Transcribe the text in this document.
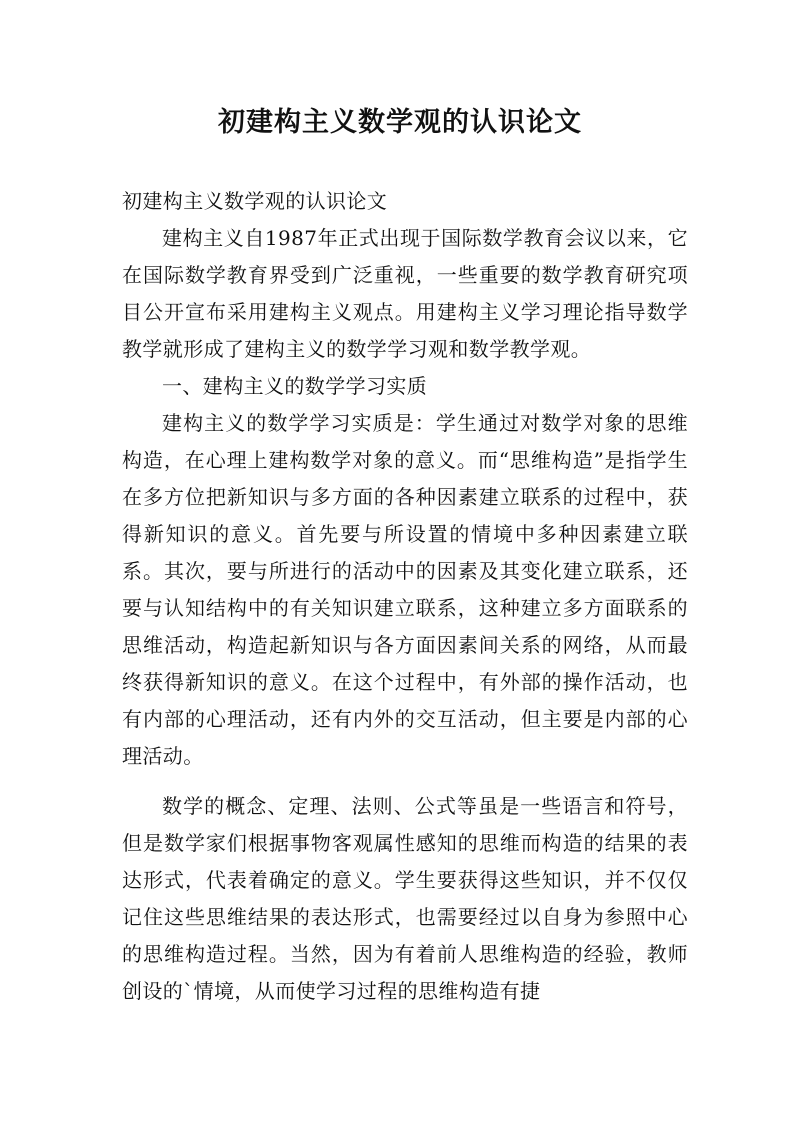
初建构主义数学观的认识论文

初建构主义数学观的认识论文

建构主义自1987年正式出现于国际数学教育会议以来，它在国际数学教育界受到广泛重视，一些重要的数学教育研究项目公开宣布采用建构主义观点。用建构主义学习理论指导数学教学就形成了建构主义的数学学习观和数学教学观。

一、建构主义的数学学习实质

建构主义的数学学习实质是：学生通过对数学对象的思维构造，在心理上建构数学对象的意义。而“思维构造”是指学生在多方位把新知识与多方面的各种因素建立联系的过程中，获得新知识的意义。首先要与所设置的情境中多种因素建立联系。其次，要与所进行的活动中的因素及其变化建立联系，还要与认知结构中的有关知识建立联系，这种建立多方面联系的思维活动，构造起新知识与各方面因素间关系的网络，从而最终获得新知识的意义。在这个过程中，有外部的操作活动，也有内部的心理活动，还有内外的交互活动，但主要是内部的心理活动。

数学的概念、定理、法则、公式等虽是一些语言和符号，但是数学家们根据事物客观属性感知的思维而构造的结果的表达形式，代表着确定的意义。学生要获得这些知识，并不仅仅记住这些思维结果的表达形式，也需要经过以自身为参照中心的思维构造过程。当然，因为有着前人思维构造的经验，教师创设的`情境，从而使学习过程的思维构造有捷
